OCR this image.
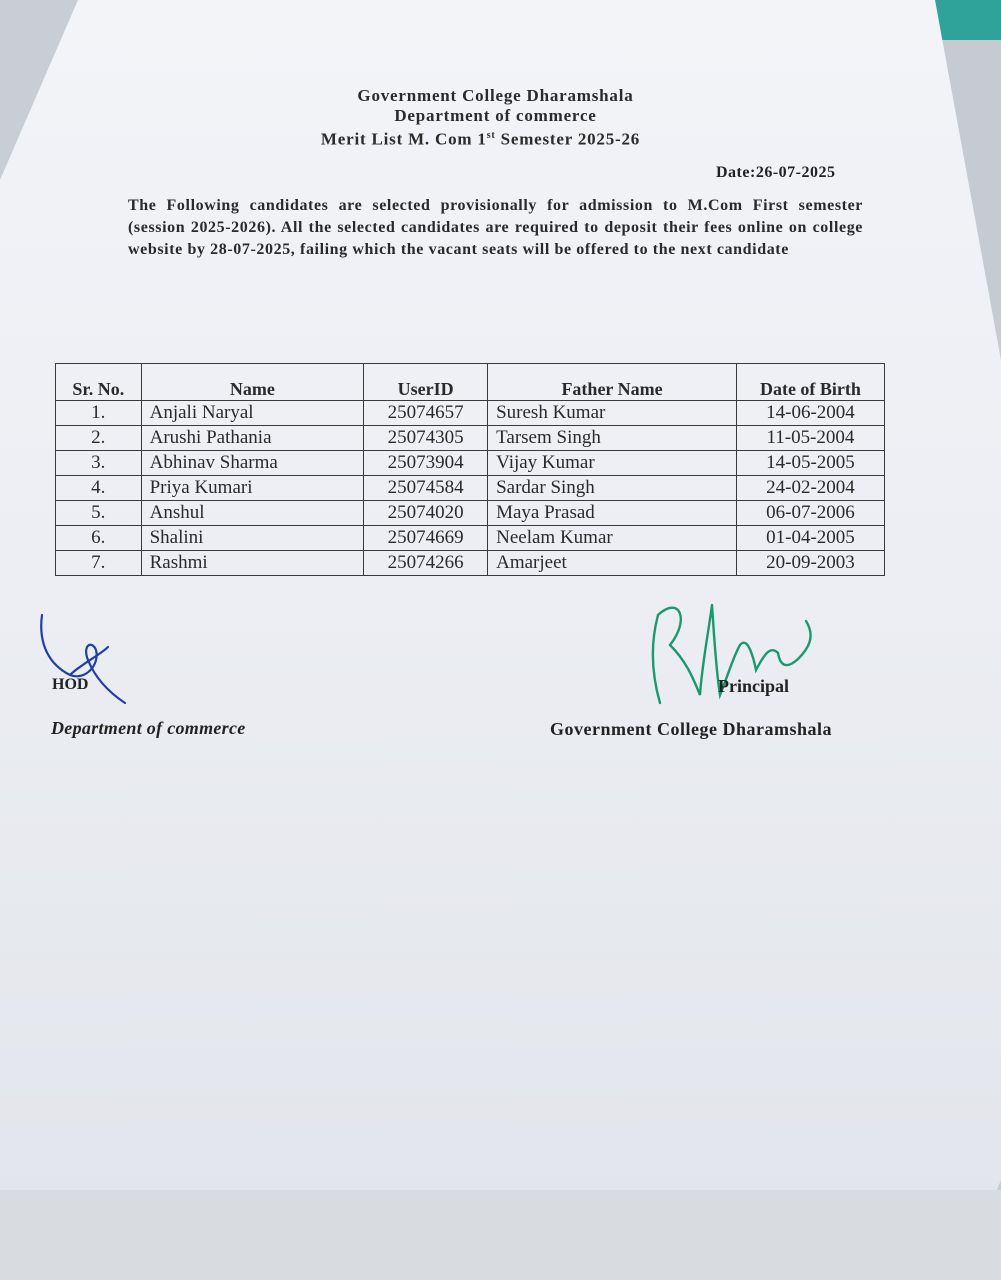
Government College Dharamshala
Department of commerce
Merit List M. Com 1st Semester 2025-26
Date:26-07-2025
The Following candidates are selected provisionally for admission to M.Com First semester (session 2025-2026). All the selected candidates are required to deposit their fees online on college website by 28-07-2025, failing which the vacant seats will be offered to the next candidate
Sr. No.	Name	UserID	Father Name	Date of Birth
1.	Anjali Naryal	25074657	Suresh Kumar	14-06-2004
2.	Arushi Pathania	25074305	Tarsem Singh	11-05-2004
3.	Abhinav Sharma	25073904	Vijay Kumar	14-05-2005
4.	Priya Kumari	25074584	Sardar Singh	24-02-2004
5.	Anshul	25074020	Maya Prasad	06-07-2006
6.	Shalini	25074669	Neelam Kumar	01-04-2005
7.	Rashmi	25074266	Amarjeet	20-09-2003
HOD
Department of commerce
Principal
Government College Dharamshala
